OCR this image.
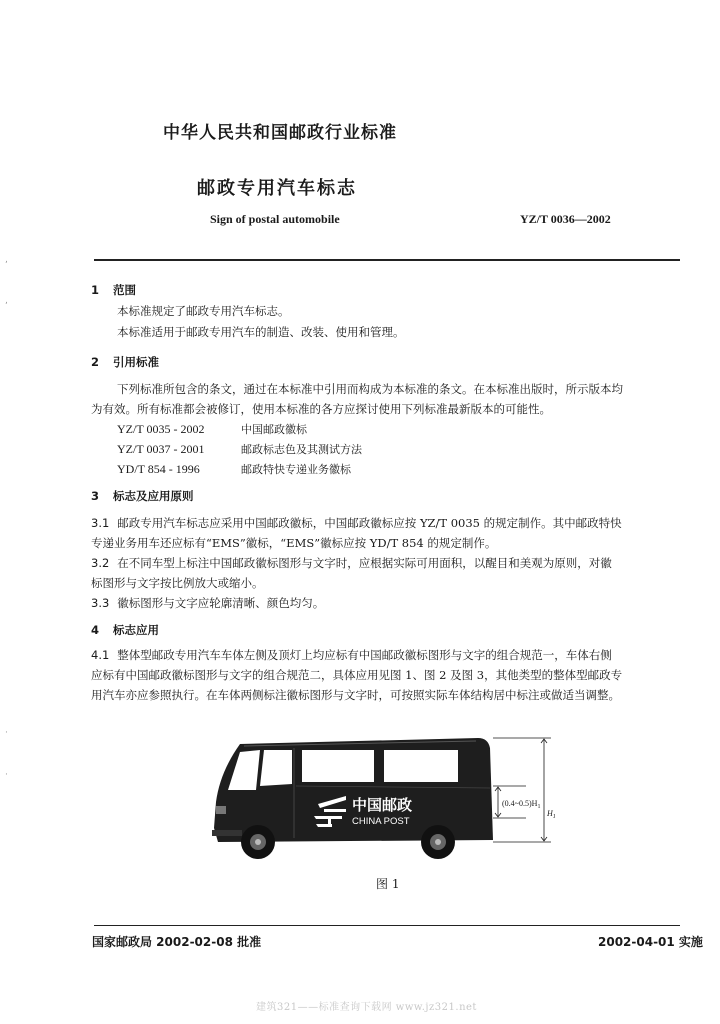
中华人民共和国邮政行业标准
邮政专用汽车标志
Sign of postal automobile	YZ/T 0036—2002
,
,
1 范围
本标准规定了邮政专用汽车标志。
本标准适用于邮政专用汽车的制造、改装、使用和管理。
2 引用标准
下列标准所包含的条文，通过在本标准中引用而构成为本标准的条文。在本标准出版时，所示版本均
为有效。所有标准都会被修订，使用本标准的各方应探讨使用下列标准最新版本的可能性。
YZ/T 0035 - 2002	中国邮政徽标
YZ/T 0037 - 2001	邮政标志色及其测试方法
YD/T 854 - 1996	邮政特快专递业务徽标
3 标志及应用原则
3.1 邮政专用汽车标志应采用中国邮政徽标，中国邮政徽标应按 YZ/T 0035 的规定制作。其中邮政特快
专递业务用车还应标有“EMS”徽标，“EMS”徽标应按 YD/T 854 的规定制作。
3.2 在不同车型上标注中国邮政徽标图形与文字时，应根据实际可用面积，以醒目和美观为原则，对徽
标图形与文字按比例放大或缩小。
3.3 徽标图形与文字应轮廓清晰、颜色均匀。
4 标志应用
4.1 整体型邮政专用汽车车体左侧及顶灯上均应标有中国邮政徽标图形与文字的组合规范一，车体右侧
应标有中国邮政徽标图形与文字的组合规范二，具体应用见图 1、图 2 及图 3，其他类型的整体型邮政专
用汽车亦应参照执行。在车体两侧标注徽标图形与文字时，可按照实际车体结构居中标注或做适当调整。
·
·
中国邮政
CHINA POST
$(0.4\sim 0.5)H_1$
$H_1$
图 1
国家邮政局 2002-02-08 批准	2002-04-01 实施
建筑321——标准查询下载网 www.jz321.net
